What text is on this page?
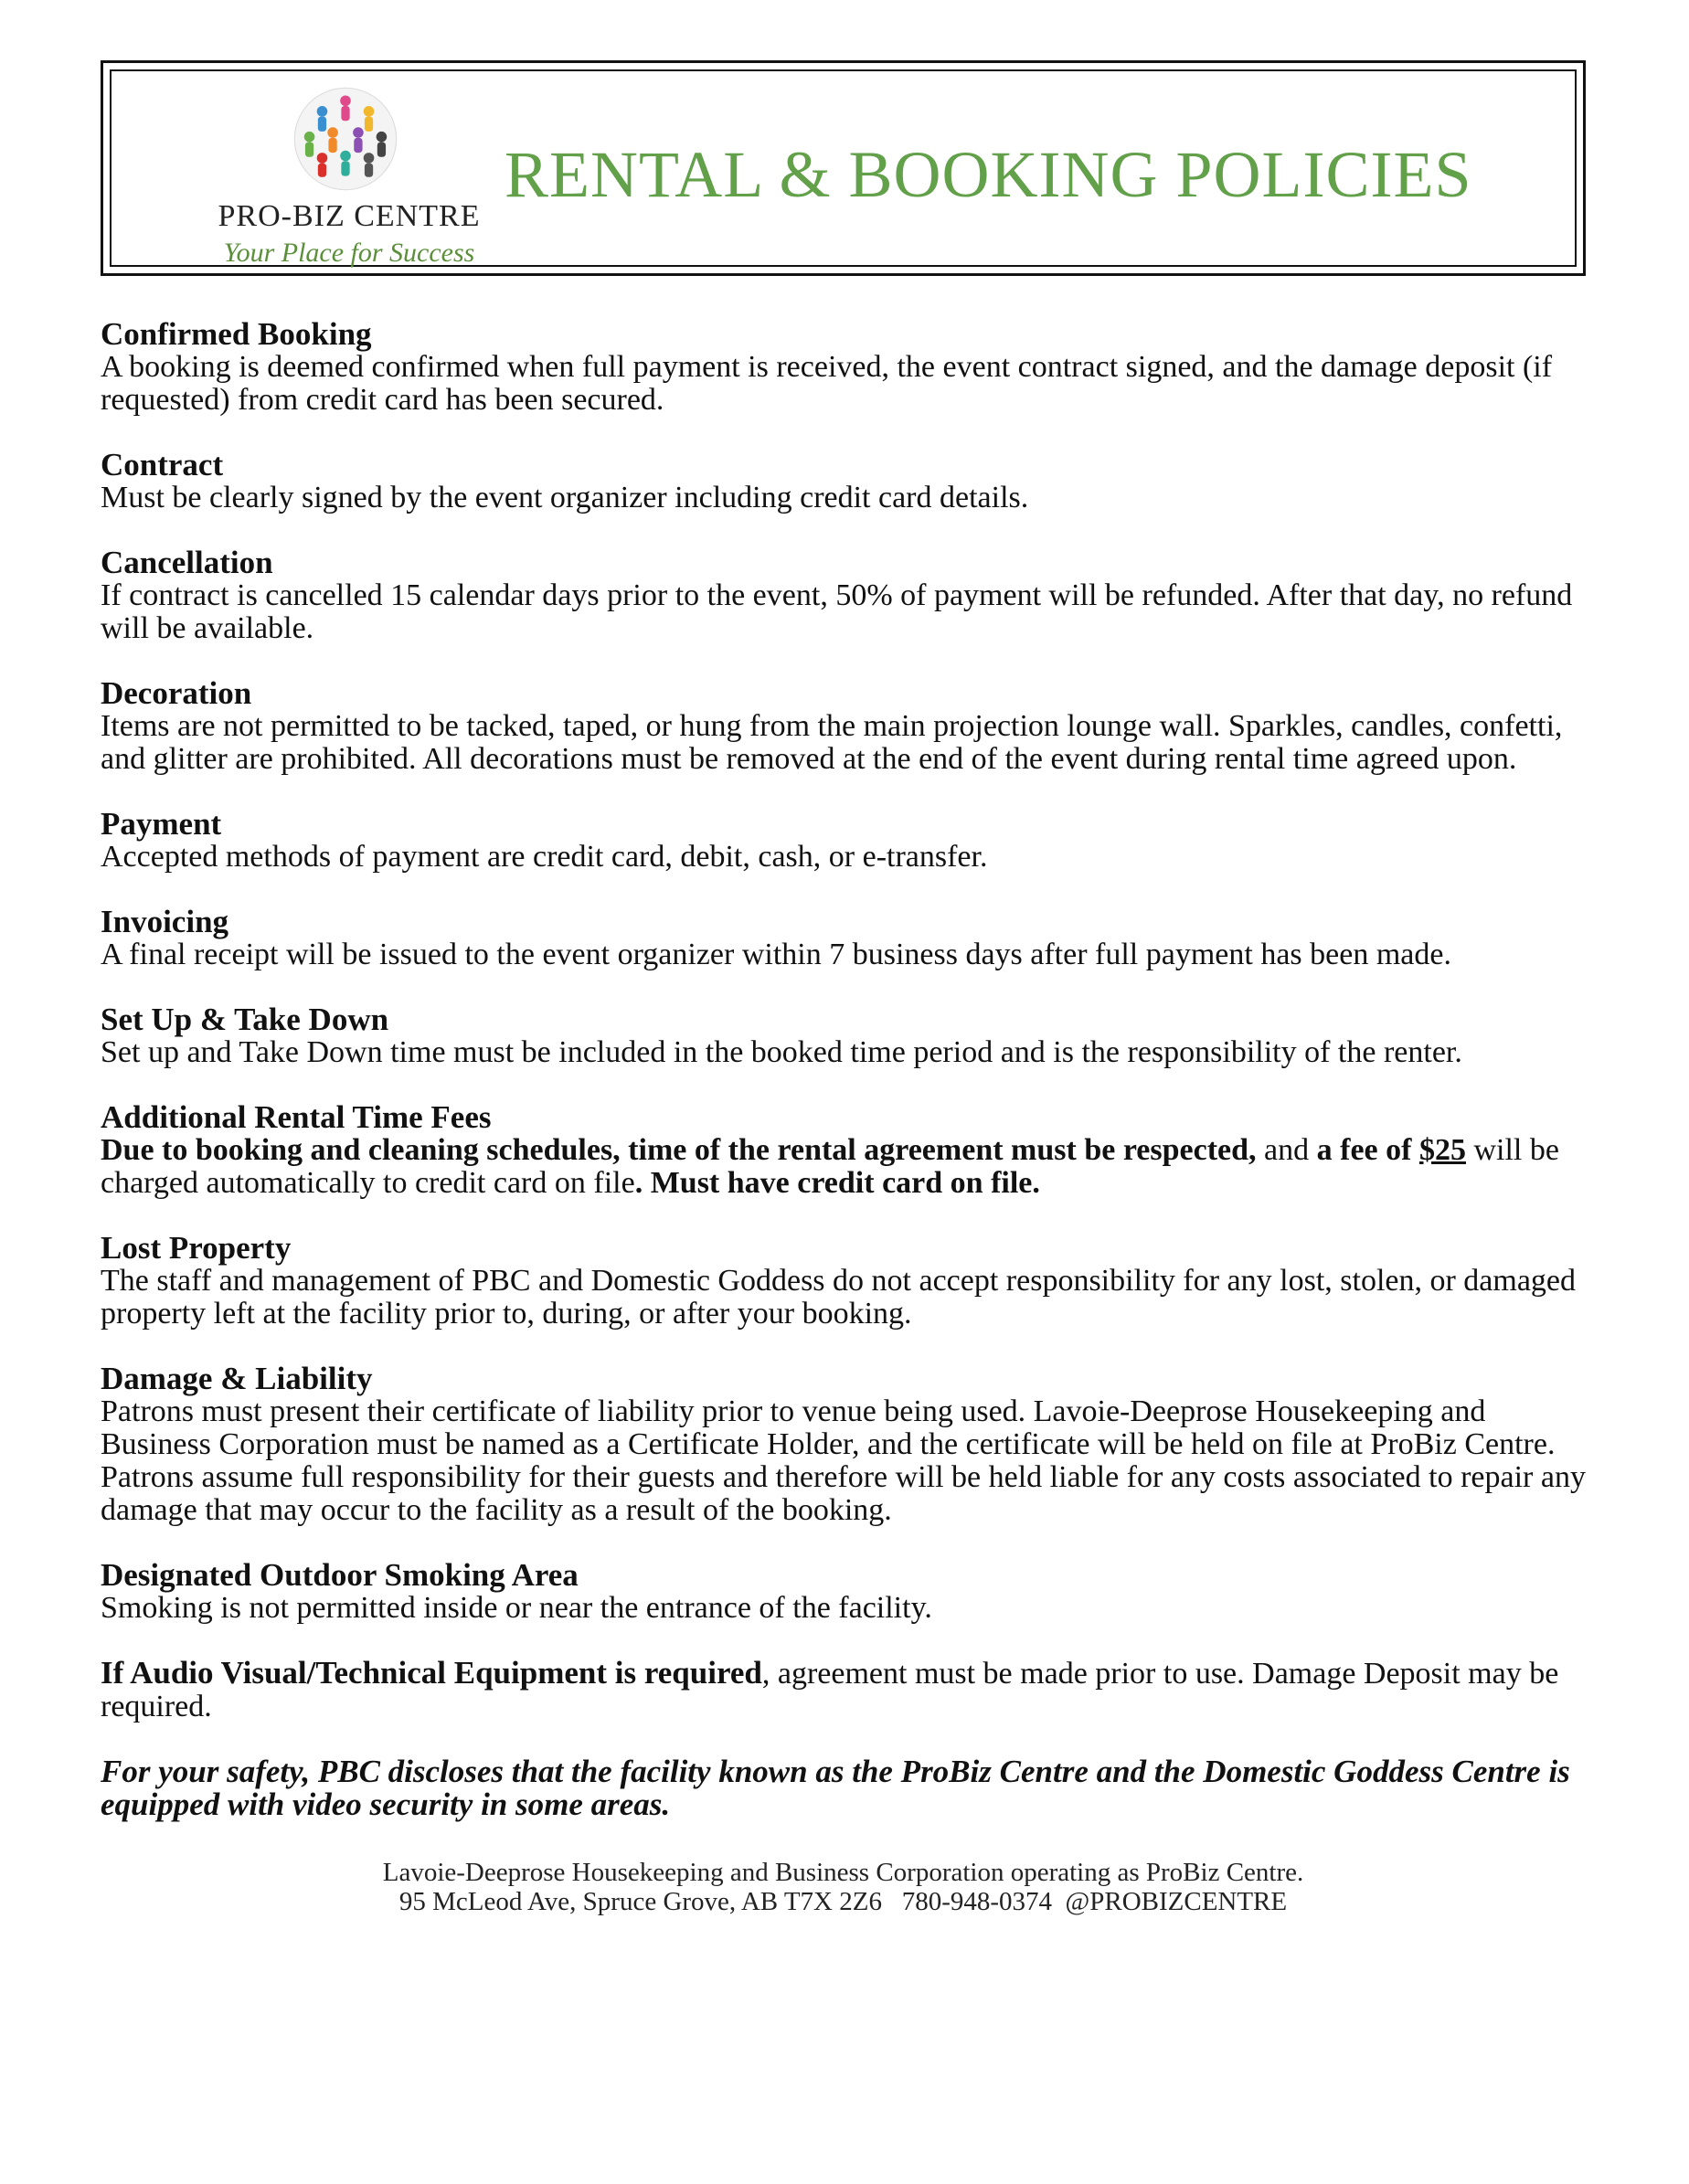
PRO-BIZ CENTRE
Your Place for Success
RENTAL & BOOKING POLICIES
Confirmed Booking
A booking is deemed confirmed when full payment is received, the event contract signed, and the damage deposit (if requested) from credit card has been secured.
Contract
Must be clearly signed by the event organizer including credit card details.
Cancellation
If contract is cancelled 15 calendar days prior to the event, 50% of payment will be refunded. After that day, no refund will be available.
Decoration
Items are not permitted to be tacked, taped, or hung from the main projection lounge wall. Sparkles, candles, confetti, and glitter are prohibited. All decorations must be removed at the end of the event during rental time agreed upon.
Payment
Accepted methods of payment are credit card, debit, cash, or e-transfer.
Invoicing
A final receipt will be issued to the event organizer within 7 business days after full payment has been made.
Set Up & Take Down
Set up and Take Down time must be included in the booked time period and is the responsibility of the renter.
Additional Rental Time Fees
Due to booking and cleaning schedules, time of the rental agreement must be respected, and a fee of $25 will be charged automatically to credit card on file. Must have credit card on file.
Lost Property
The staff and management of PBC and Domestic Goddess do not accept responsibility for any lost, stolen, or damaged property left at the facility prior to, during, or after your booking.
Damage & Liability
Patrons must present their certificate of liability prior to venue being used. Lavoie-Deeprose Housekeeping and Business Corporation must be named as a Certificate Holder, and the certificate will be held on file at ProBiz Centre. Patrons assume full responsibility for their guests and therefore will be held liable for any costs associated to repair any damage that may occur to the facility as a result of the booking.
Designated Outdoor Smoking Area
Smoking is not permitted inside or near the entrance of the facility.
If Audio Visual/Technical Equipment is required, agreement must be made prior to use. Damage Deposit may be required.
For your safety, PBC discloses that the facility known as the ProBiz Centre and the Domestic Goddess Centre is equipped with video security in some areas.
Lavoie-Deeprose Housekeeping and Business Corporation operating as ProBiz Centre.
95 McLeod Ave, Spruce Grove, AB T7X 2Z6   780-948-0374  @PROBIZCENTRE
